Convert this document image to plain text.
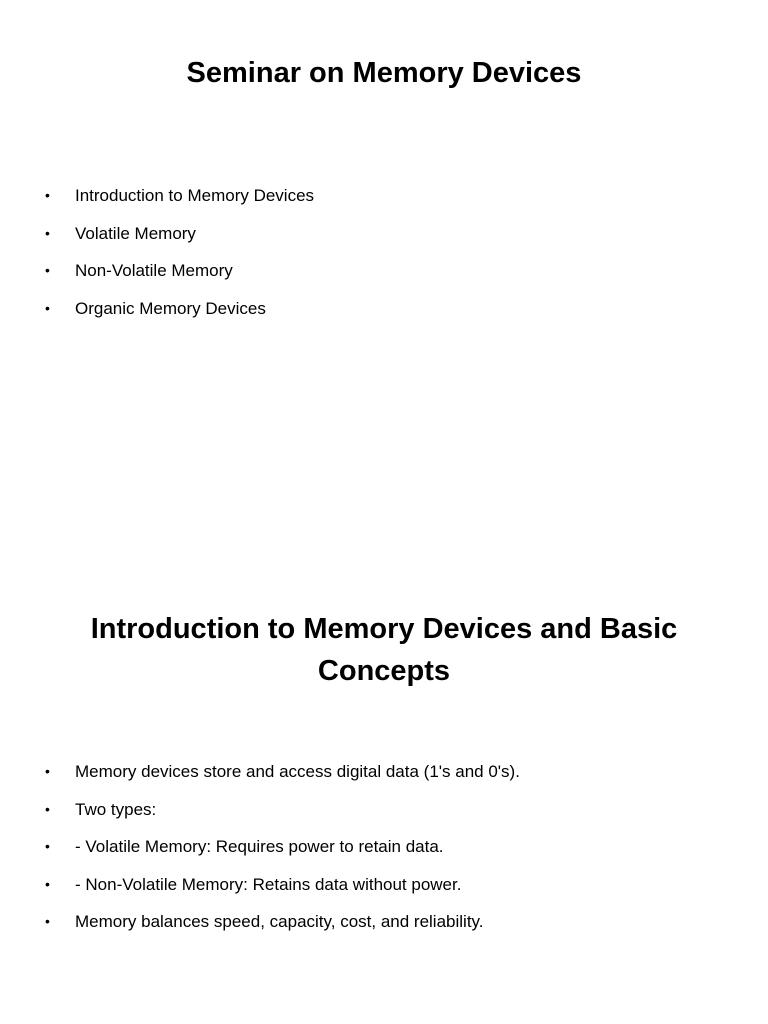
Seminar on Memory Devices
• Introduction to Memory Devices
• Volatile Memory
• Non-Volatile Memory
• Organic Memory Devices
Introduction to Memory Devices and Basic Concepts
• Memory devices store and access digital data (1's and 0's).
• Two types:
• - Volatile Memory: Requires power to retain data.
• - Non-Volatile Memory: Retains data without power.
• Memory balances speed, capacity, cost, and reliability.
